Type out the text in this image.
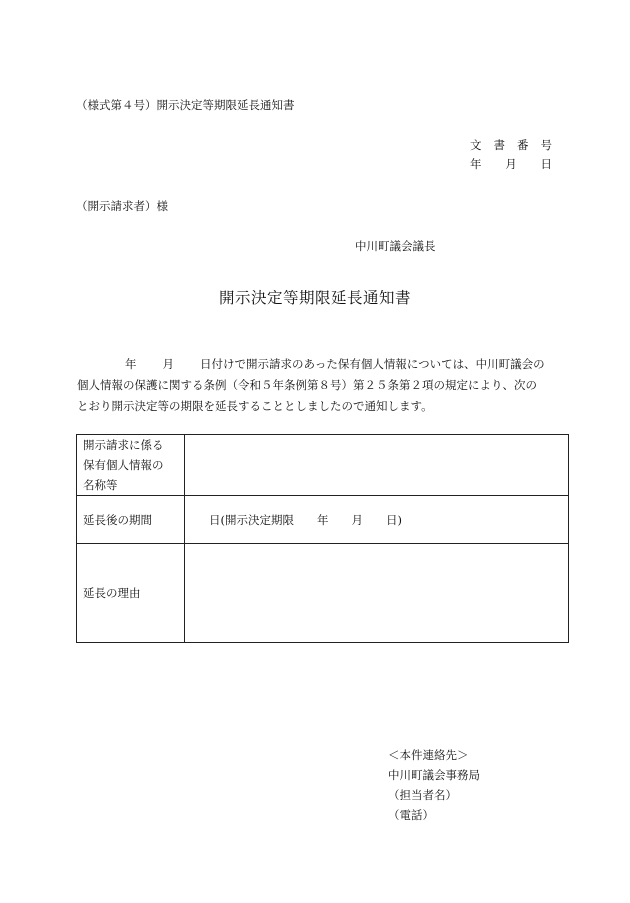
（様式第４号）開示決定等期限延長通知書
文 書 番 号
年 月 日
（開示請求者）様
中川町議会議長
開示決定等期限延長通知書
年 月 日付けで開示請求のあった保有個人情報については、中川町議会の
個人情報の保護に関する条例（令和５年条例第８号）第２５条第２項の規定により、次の
とおり開示決定等の期限を延長することとしましたので通知します。
開示請求に係る
保有個人情報の
名称等	

延長後の期間	日(開示決定期限　　年　　月　　日)
延長の理由	
＜本件連絡先＞
中川町議会事務局
（担当者名）
（電話）
